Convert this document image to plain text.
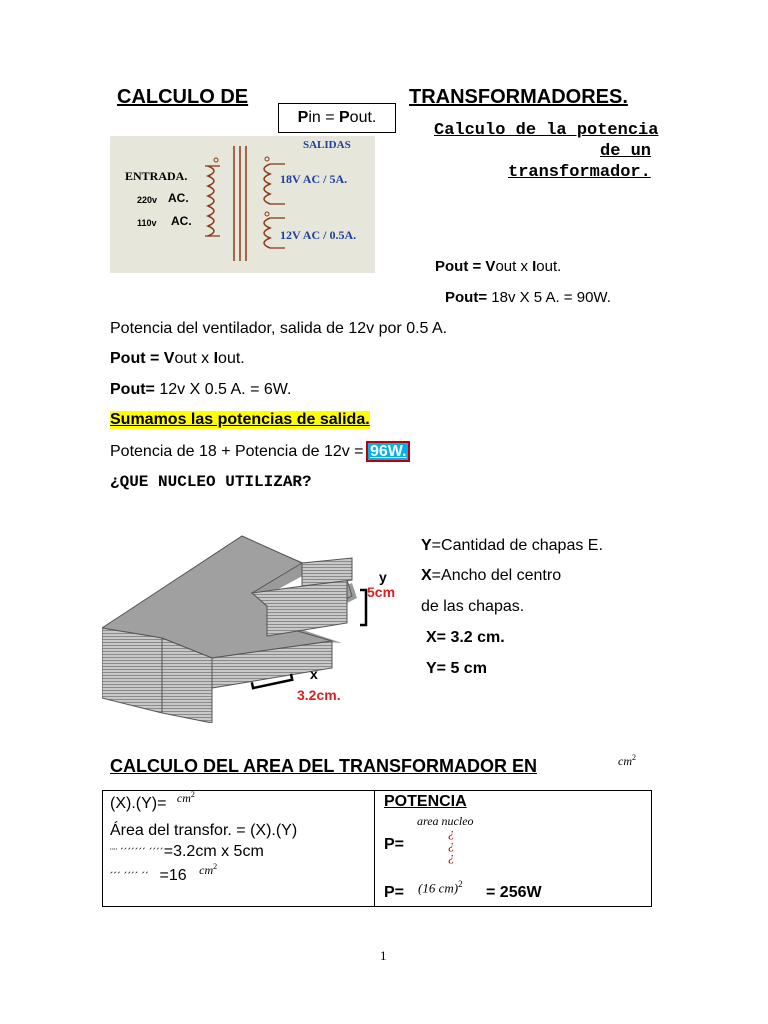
CALCULO DE	TRANSFORMADORES.
Pin = Pout.
Calculo de la potencia
de un
transformador.
ENTRADA.
220v AC.
110v AC.
SALIDAS
18V AC / 5A.
12V AC / 0.5A.
Pout = Vout x Iout.
Pout= 18v X 5 A. = 90W.
Potencia del ventilador, salida de 12v por 0.5 A.
Pout = Vout x Iout.
Pout= 12v X 0.5 A. = 6W.
Sumamos las potencias de salida.
Potencia de 18 + Potencia de 12v = 96W.
¿QUE NUCLEO UTILIZAR?
y
5cm
x
3.2cm.
Y=Cantidad de chapas E.
X=Ancho del centro
de las chapas.
X= 3.2 cm.
Y= 5 cm
CALCULO DEL AREA DEL TRANSFORMADOR EN	$cm^2$
(X).(Y)= $^{cm^2}$
Área del transfor. = (X).(Y)
¨¨ ´´´´´´´ ´´´´=3.2cm x 5cm
´´´ ´´´´ ´´ =16 $^{cm^2}$
POTENCIA
area nucleo
P=
¿
¿
¿
P= (16 cm)$^2$ = 256W
1
